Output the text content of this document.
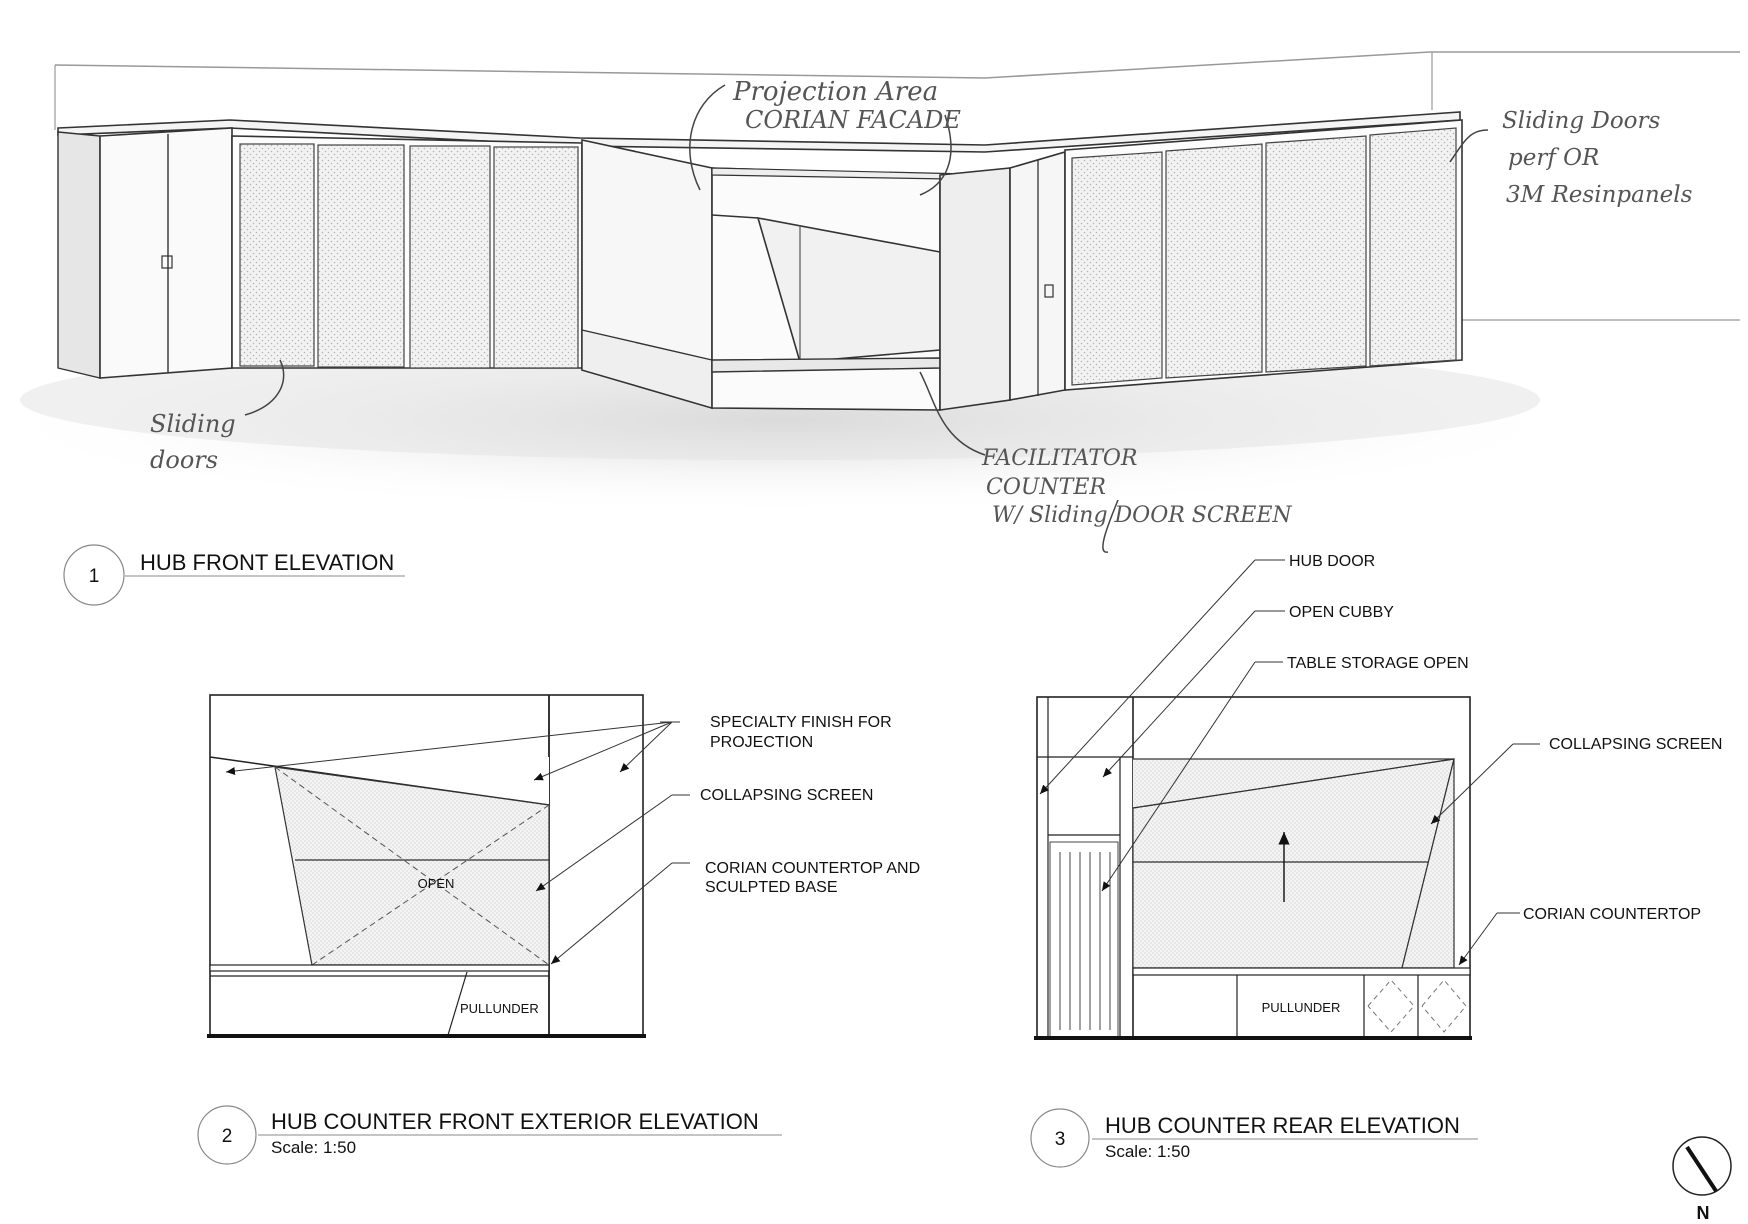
Projection Area
CORIAN FACADE	Sliding Doors
perf OR
3M Resinpanels
Sliding
doors	FACILITATOR
COUNTER
W/ Sliding DOOR SCREEN
1
HUB FRONT ELEVATION
OPEN
PULLUNDER
SPECIALTY FINISH FOR
PROJECTION
COLLAPSING SCREEN
CORIAN COUNTERTOP AND
SCULPTED BASE
2
HUB COUNTER FRONT EXTERIOR ELEVATION
Scale: 1:50
PULLUNDER
HUB DOOR
OPEN CUBBY
TABLE STORAGE OPEN
COLLAPSING SCREEN
CORIAN COUNTERTOP
3
HUB COUNTER REAR ELEVATION
Scale: 1:50
N
